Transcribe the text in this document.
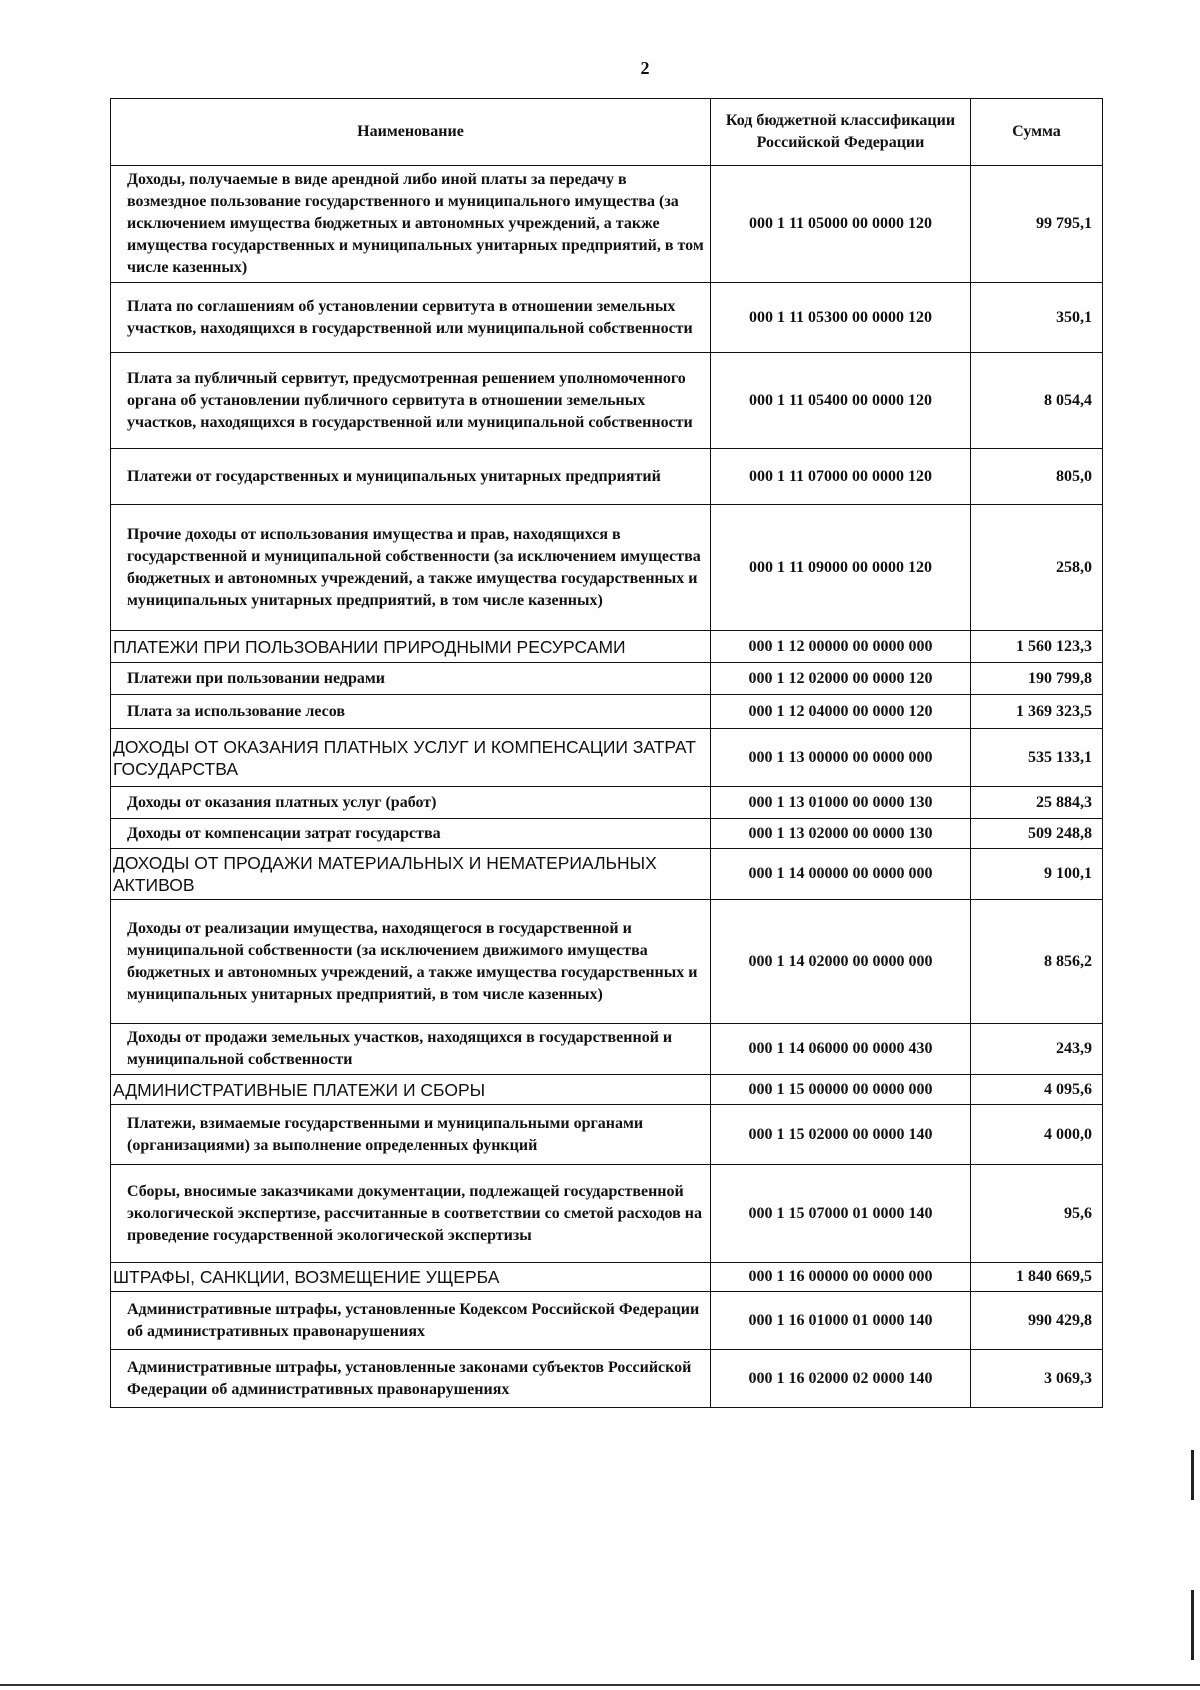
2
Наименование	Код бюджетной классификации Российской Федерации	Сумма
Доходы, получаемые в виде арендной либо иной платы за передачу в возмездное пользование государственного и муниципального имущества (за исключением имущества бюджетных и автономных учреждений, а также имущества государственных и муниципальных унитарных предприятий, в том числе казенных)	000 1 11 05000 00 0000 120	99 795,1
Плата по соглашениям об установлении сервитута в отношении земельных участков, находящихся в государственной или муниципальной собственности	000 1 11 05300 00 0000 120	350,1
Плата за публичный сервитут, предусмотренная решением уполномоченного органа об установлении публичного сервитута в отношении земельных участков, находящихся в государственной или муниципальной собственности	000 1 11 05400 00 0000 120	8 054,4
Платежи от государственных и муниципальных унитарных предприятий	000 1 11 07000 00 0000 120	805,0
Прочие доходы от использования имущества и прав, находящихся в государственной и муниципальной собственности (за исключением имущества бюджетных и автономных учреждений, а также имущества государственных и муниципальных унитарных предприятий, в том числе казенных)	000 1 11 09000 00 0000 120	258,0
ПЛАТЕЖИ ПРИ ПОЛЬЗОВАНИИ ПРИРОДНЫМИ РЕСУРСАМИ	000 1 12 00000 00 0000 000	1 560 123,3
Платежи при пользовании недрами	000 1 12 02000 00 0000 120	190 799,8
Плата за использование лесов	000 1 12 04000 00 0000 120	1 369 323,5
ДОХОДЫ ОТ ОКАЗАНИЯ ПЛАТНЫХ УСЛУГ И КОМПЕНСАЦИИ ЗАТРАТ ГОСУДАРСТВА	000 1 13 00000 00 0000 000	535 133,1
Доходы от оказания платных услуг (работ)	000 1 13 01000 00 0000 130	25 884,3
Доходы от компенсации затрат государства	000 1 13 02000 00 0000 130	509 248,8
ДОХОДЫ ОТ ПРОДАЖИ МАТЕРИАЛЬНЫХ И НЕМАТЕРИАЛЬНЫХ АКТИВОВ	000 1 14 00000 00 0000 000	9 100,1
Доходы от реализации имущества, находящегося в государственной и муниципальной собственности (за исключением движимого имущества бюджетных и автономных учреждений, а также имущества государственных и муниципальных унитарных предприятий, в том числе казенных)	000 1 14 02000 00 0000 000	8 856,2
Доходы от продажи земельных участков, находящихся в государственной и муниципальной собственности	000 1 14 06000 00 0000 430	243,9
АДМИНИСТРАТИВНЫЕ ПЛАТЕЖИ И СБОРЫ	000 1 15 00000 00 0000 000	4 095,6
Платежи, взимаемые государственными и муниципальными органами (организациями) за выполнение определенных функций	000 1 15 02000 00 0000 140	4 000,0
Сборы, вносимые заказчиками документации, подлежащей государственной экологической экспертизе, рассчитанные в соответствии со сметой расходов на проведение государственной экологической экспертизы	000 1 15 07000 01 0000 140	95,6
ШТРАФЫ, САНКЦИИ, ВОЗМЕЩЕНИЕ УЩЕРБА	000 1 16 00000 00 0000 000	1 840 669,5
Административные штрафы, установленные Кодексом Российской Федерации об административных правонарушениях	000 1 16 01000 01 0000 140	990 429,8
Административные штрафы, установленные законами субъектов Российской Федерации об административных правонарушениях	000 1 16 02000 02 0000 140	3 069,3
